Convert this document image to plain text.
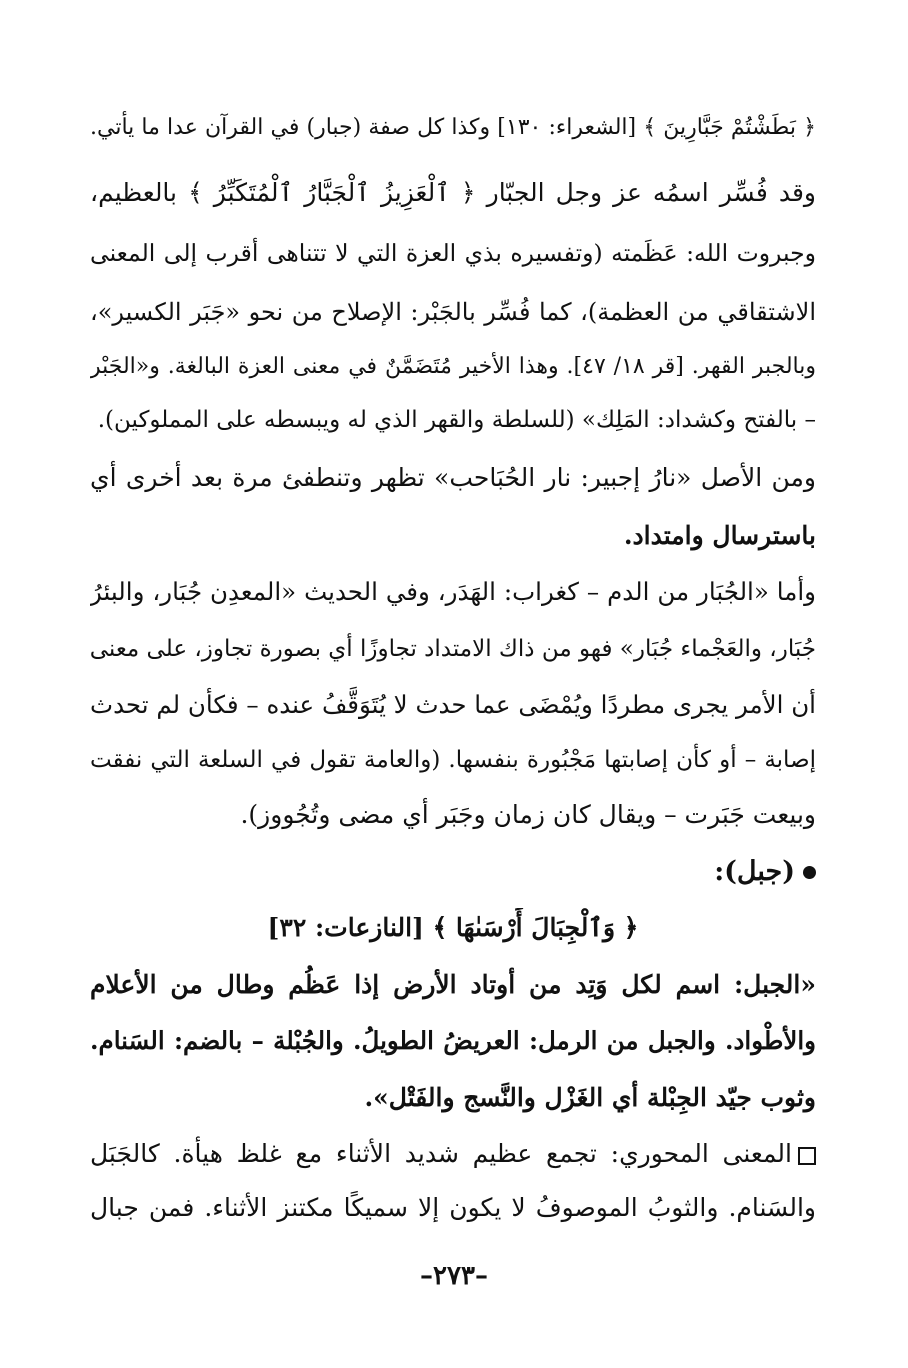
﴿ بَطَشْتُمْ جَبَّارِينَ ﴾ [الشعراء: ١٣٠] وكذا كل صفة (جبار) في القرآن عدا ما يأتي.
وقد فُسِّر اسمُه عز وجل الجبّار ﴿ ٱلْعَزِيزُ ٱلْجَبَّارُ ٱلْمُتَكَبِّرُ ﴾ بالعظيم،
وجبروت الله: عَظَمته (وتفسيره بذي العزة التي لا تتناهى أقرب إلى المعنى
الاشتقاقي من العظمة)، كما فُسِّر بالجَبْر: الإصلاح من نحو «جَبَر الكسير»،
وبالجبر القهر. [قر ١٨/ ٤٧]. وهذا الأخير مُتَضَمَّنٌ في معنى العزة البالغة. و«الجَبْر
– بالفتح وكشداد: المَلِك» (للسلطة والقهر الذي له ويبسطه على المملوكين).
ومن الأصل «نارُ إجبير: نار الحُبَاحب» تظهر وتنطفئ مرة بعد أخرى أي
باسترسال وامتداد.
وأما «الجُبَار من الدم – كغراب: الهَدَر، وفي الحديث «المعدِن جُبَار، والبئرُ
جُبَار، والعَجْماء جُبَار» فهو من ذاك الامتداد تجاوزًا أي بصورة تجاوز، على معنى
أن الأمر يجرى مطردًا ويُمْضَى عما حدث لا يُتَوَقَّفُ عنده – فكأن لم تحدث
إصابة – أو كأن إصابتها مَجْبُورة بنفسها. (والعامة تقول في السلعة التي نفقت
وبيعت جَبَرت – ويقال كان زمان وجَبَر أي مضى وتُجُووز).
(جبل):
﴿ وَٱلْجِبَالَ أَرْسَىٰهَا ﴾ [النازعات: ٣٢]
«الجبل: اسم لكل وَتِد من أوتاد الأرض إذا عَظُم وطال من الأعلام
والأطْواد. والجبل من الرمل: العريضُ الطويلُ. والجُبْلة – بالضم: السَنام.
وثوب جيّد الجِبْلة أي الغَزْل والنَّسج والفَتْل».
المعنى المحوري: تجمع عظيم شديد الأثناء مع غلظ هيأة. كالجَبَل
والسَنام. والثوبُ الموصوفُ لا يكون إلا سميكًا مكتنز الأثناء. فمن جبال
–٢٧٣–
